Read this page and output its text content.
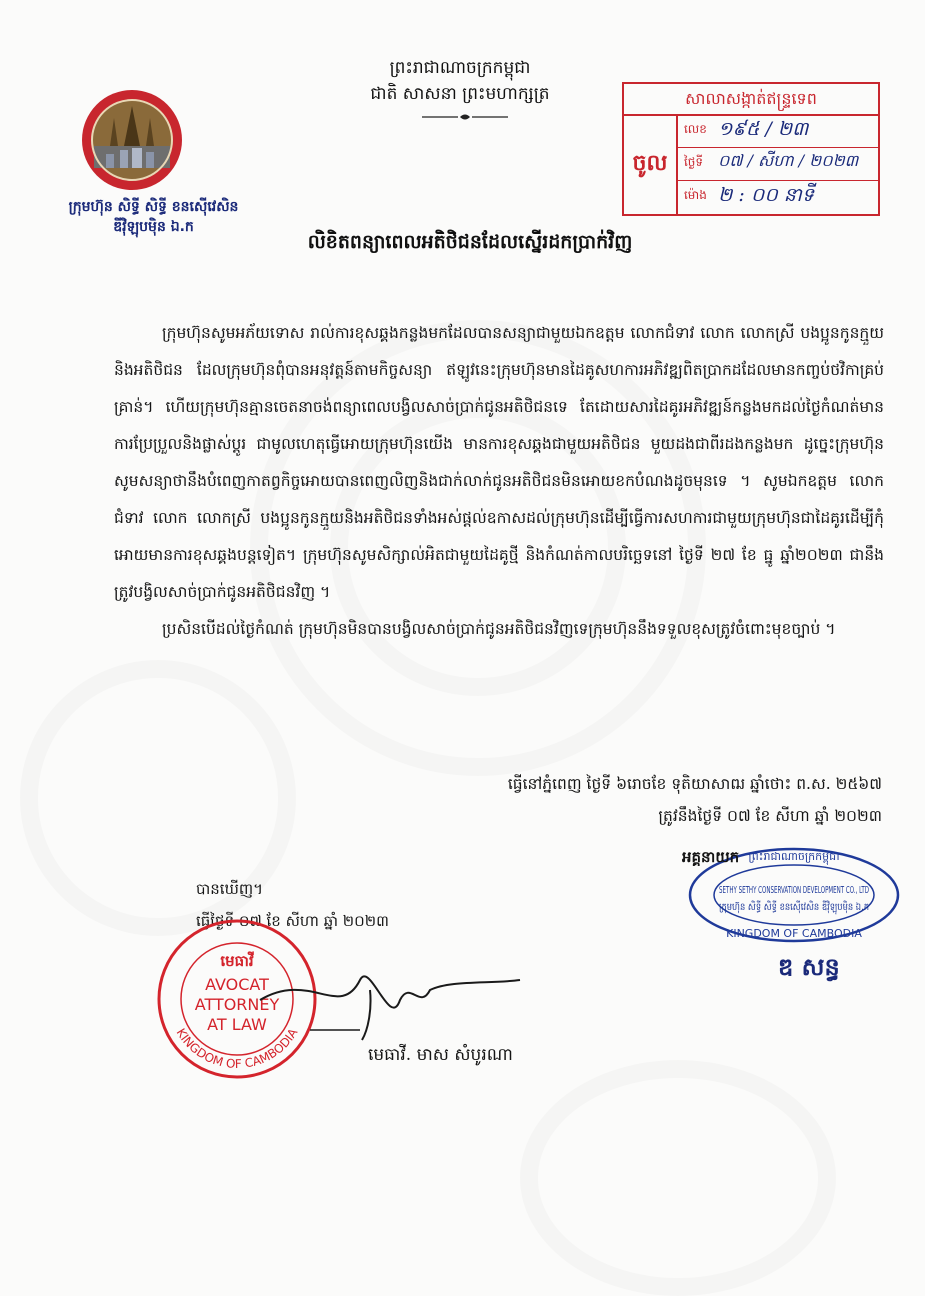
ក្រុមហ៊ុន សិទ្ធី សិទ្ធី ខនស៊ើវេសិន
ឌីវ៉ិឡុបម៉ិន ឯ.ក
ព្រះរាជាណាចក្រកម្ពុជា
ជាតិ សាសនា ព្រះមហាក្សត្រ	សាលាសង្កាត់ឥន្ទ្រទេព
ចូល
លេខ ១៩៥ / ២៣
ថ្ងៃទី ០៧ / សីហា / ២០២៣
ម៉ោង ២ : ០០ នាទី
លិខិតពន្យាពេលអតិថិជនដែលស្នើរដកប្រាក់វិញ

ក្រុមហ៊ុនសូមអភ័យទោស រាល់ការខុសឆ្គងកន្លងមកដែលបានសន្យាជាមួយឯកឧត្តម លោកជំទាវ លោក លោកស្រី បងប្អូនកូនក្មួយនិងអតិថិជន ដែលក្រុមហ៊ុនពុំបានអនុវត្តន៍តាមកិច្ចសន្យា ឥឡូវនេះក្រុមហ៊ុនមានដៃគូសហការអភិវឌ្ឍពិតប្រាកដដែលមានកញ្ចប់ថវិកាគ្រប់គ្រាន់។ ហើយក្រុមហ៊ុនគ្មានចេតនាចង់ពន្យាពេលបង្វិលសាច់ប្រាក់ជូនអតិថិជនទេ តែដោយសារដៃគូរអភិវឌ្ឍន៍កន្លងមកដល់ថ្ងៃកំណត់មានការប្រែប្រួលនិងផ្លាស់ប្តូរ ជាមូលហេតុធ្វើអោយក្រុមហ៊ុនយើង មានការខុសឆ្គងជាមួយអតិថិជន មួយដងជាពីរដងកន្លងមក ដូច្នេះក្រុមហ៊ុនសូមសន្យាថានឹងបំពេញកាតព្វកិច្ចអោយបានពេញលិញនិងជាក់លាក់ជូនអតិថិជនមិនអោយខកបំណងដូចមុនទេ ។ សូមឯកឧត្តម លោកជំទាវ លោក លោកស្រី បងប្អូនកូនក្មួយនិងអតិថិជនទាំងអស់ផ្តល់ឧកាសដល់ក្រុមហ៊ុនដើម្បីធ្វើការសហការជាមួយក្រុមហ៊ុនជាដៃគូរដើម្បីកុំអោយមានការខុសឆ្គងបន្តទៀត។ ក្រុមហ៊ុនសូមសិក្សាល់អិតជាមួយដៃគូថ្មី និងកំណត់កាលបរិច្ឆេទនៅ ថ្ងៃទី ២៧ ខែ ធ្នូ ឆ្នាំ២០២៣ ជានឹងត្រូវបង្វិលសាច់ប្រាក់ជូនអតិថិជនវិញ ។

ប្រសិនបើដល់ថ្ងៃកំណត់ ក្រុមហ៊ុនមិនបានបង្វិលសាច់ប្រាក់ជូនអតិថិជនវិញទេក្រុមហ៊ុននឹងទទួលខុសត្រូវចំពោះមុខច្បាប់ ។

ធ្វើនៅភ្នំពេញ ថ្ងៃទី ៦រោចខែ ទុតិយាសាឍ ឆ្នាំថោះ ព.ស. ២៥៦៧
ត្រូវនឹងថ្ងៃទី ០៧ ខែ សីហា ឆ្នាំ ២០២៣
SETHY SETHY CONSERVATION DEVELOPMENT CO., LTD
KINGDOM OF CAMBODIA
ព្រះរាជាណាចក្រកម្ពុជា
ក្រុមហ៊ុន សិទ្ធី សិទ្ធី ខនស៊ើវេសិន ឌីវ៉ិឡុបម៉ិន ឯ.ក
អគ្គនាយក
ឌ សន្ធ
បានឃើញ។
ធ្វើថ្ងៃទី ០៧ ខែ សីហា ឆ្នាំ ២០២៣
មេធាវី
AVOCAT
ATTORNEY
AT LAW
KINGDOM OF CAMBODIA
មេធាវី. មាស សំបូរណា
